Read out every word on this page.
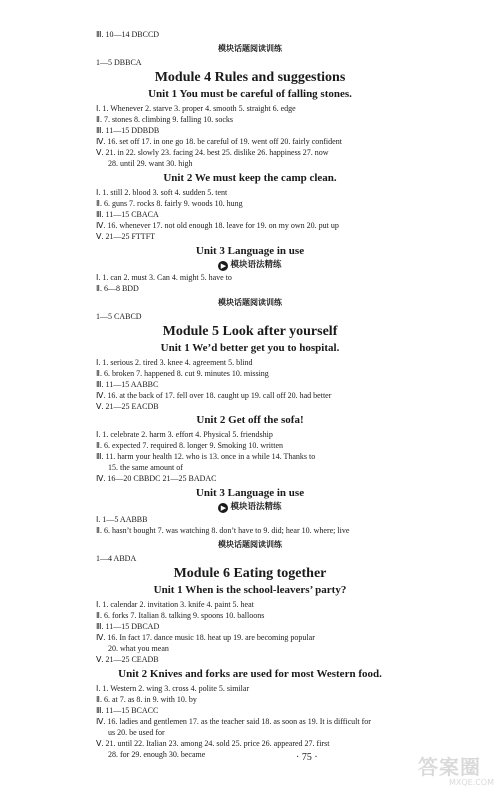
Ⅲ. 10—14 DBCCD
模块话题阅读训练
1—5 DBBCA
Module 4 Rules and suggestions
Unit 1 You must be careful of falling stones.
Ⅰ. 1. Whenever 2. starve 3. proper 4. smooth 5. straight 6. edge
Ⅱ. 7. stones 8. climbing 9. falling 10. socks
Ⅲ. 11—15 DDBDB
Ⅳ. 16. set off 17. in one go 18. be careful of 19. went off 20. fairly confident
Ⅴ. 21. in 22. slowly 23. facing 24. best 25. dislike 26. happiness 27. now
28. until 29. want 30. high
Unit 2 We must keep the camp clean.
Ⅰ. 1. still 2. blood 3. soft 4. sudden 5. tent
Ⅱ. 6. guns 7. rocks 8. fairly 9. woods 10. hung
Ⅲ. 11—15 CBACA
Ⅳ. 16. whenever 17. not old enough 18. leave for 19. on my own 20. put up
Ⅴ. 21—25 FTTFT
Unit 3 Language in use
▶ 模块语法精练
Ⅰ. 1. can 2. must 3. Can 4. might 5. have to
Ⅱ. 6—8 BDD
模块话题阅读训练
1—5 CABCD
Module 5 Look after yourself
Unit 1 We’d better get you to hospital.
Ⅰ. 1. serious 2. tired 3. knee 4. agreement 5. blind
Ⅱ. 6. broken 7. happened 8. cut 9. minutes 10. missing
Ⅲ. 11—15 AABBC
Ⅳ. 16. at the back of 17. fell over 18. caught up 19. call off 20. had better
Ⅴ. 21—25 EACDB
Unit 2 Get off the sofa!
Ⅰ. 1. celebrate 2. harm 3. effort 4. Physical 5. friendship
Ⅱ. 6. expected 7. required 8. longer 9. Smoking 10. written
Ⅲ. 11. harm your health 12. who is 13. once in a while 14. Thanks to
15. the same amount of
Ⅳ. 16—20 CBBDC 21—25 BADAC
Unit 3 Language in use
▶ 模块语法精练
Ⅰ. 1—5 AABBB
Ⅱ. 6. hasn’t bought 7. was watching 8. don’t have to 9. did; hear 10. where; live
模块话题阅读训练
1—4 ABDA
Module 6 Eating together
Unit 1 When is the school-leavers’ party?
Ⅰ. 1. calendar 2. invitation 3. knife 4. paint 5. heat
Ⅱ. 6. forks 7. Italian 8. talking 9. spoons 10. balloons
Ⅲ. 11—15 DBCAD
Ⅳ. 16. In fact 17. dance music 18. heat up 19. are becoming popular
20. what you mean
Ⅴ. 21—25 CEADB
Unit 2 Knives and forks are used for most Western food.
Ⅰ. 1. Western 2. wing 3. cross 4. polite 5. similar
Ⅱ. 6. at 7. as 8. in 9. with 10. by
Ⅲ. 11—15 BCACC
Ⅳ. 16. ladies and gentlemen 17. as the teacher said 18. as soon as 19. It is difficult for
us 20. be used for
Ⅴ. 21. until 22. Italian 23. among 24. sold 25. price 26. appeared 27. first
28. for 29. enough 30. became	· 75 ·	答案圈
MXQE.COM
